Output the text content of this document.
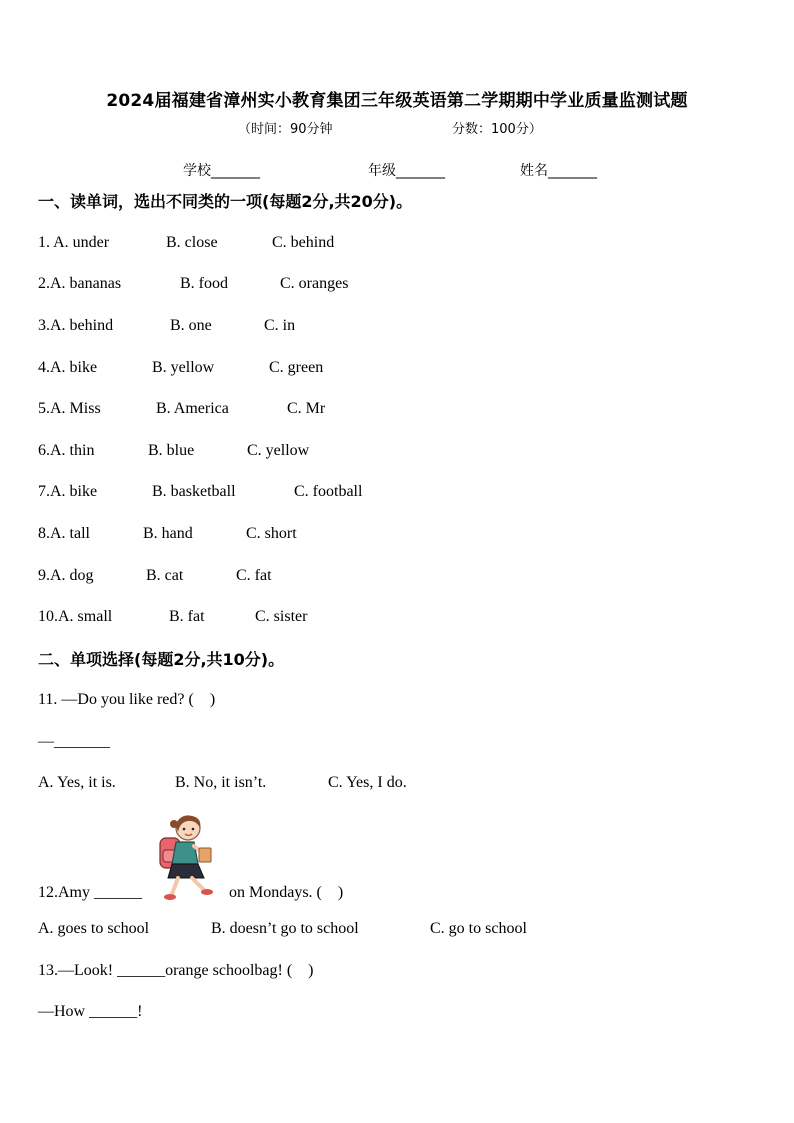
2024届福建省漳州实小教育集团三年级英语第二学期期中学业质量监测试题
（时间：90分钟	分数：100分）
学校_______	年级_______	姓名_______
一、读单词，选出不同类的一项(每题2分,共20分)。
1. A. under	B. close	C. behind
2.A. bananas	B. food	C. oranges
3.A. behind	B. one	C. in
4.A. bike	B. yellow	C. green
5.A. Miss	B. America	C. Mr
6.A. thin	B. blue	C. yellow
7.A. bike	B. basketball	C. football
8.A. tall	B. hand	C. short
9.A. dog	B. cat	C. fat
10.A. small	B. fat	C. sister
二、单项选择(每题2分,共10分)。
11. —Do you like red? (    )
—_______
A. Yes, it is.	B. No, it isn’t.	C. Yes, I do.
12.Amy ______	on Mondays. (    )
A. goes to school	B. doesn’t go to school	C. go to school
13.—Look! ______orange schoolbag! (    )
—How ______!
